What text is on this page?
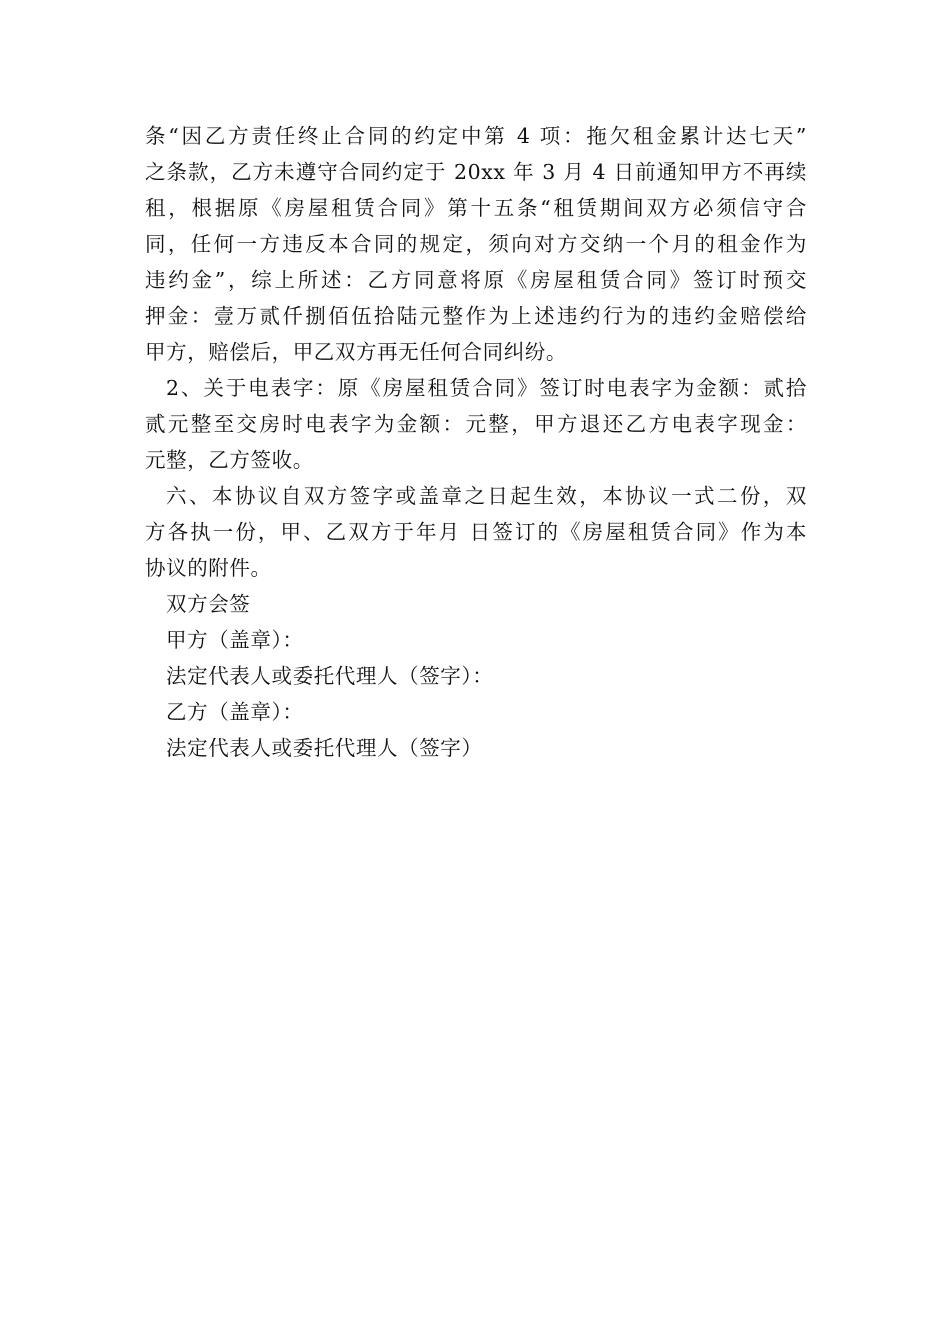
条“因乙方责任终止合同的约定中第 4 项：拖欠租金累计达七天”
之条款，乙方未遵守合同约定于 20xx 年 3 月 4 日前通知甲方不再续
租，根据原《房屋租赁合同》第十五条“租赁期间双方必须信守合
同，任何一方违反本合同的规定，须向对方交纳一个月的租金作为
违约金”，综上所述：乙方同意将原《房屋租赁合同》签订时预交
押金：壹万贰仟捌佰伍拾陆元整作为上述违约行为的违约金赔偿给
甲方，赔偿后，甲乙双方再无任何合同纠纷。
2、关于电表字：原《房屋租赁合同》签订时电表字为金额：贰拾
贰元整至交房时电表字为金额：元整，甲方退还乙方电表字现金：
元整，乙方签收。
六、本协议自双方签字或盖章之日起生效，本协议一式二份，双
方各执一份，甲、乙双方于年月 日签订的《房屋租赁合同》作为本
协议的附件。
双方会签
甲方（盖章）：
法定代表人或委托代理人（签字）：
乙方（盖章）：
法定代表人或委托代理人（签字）
